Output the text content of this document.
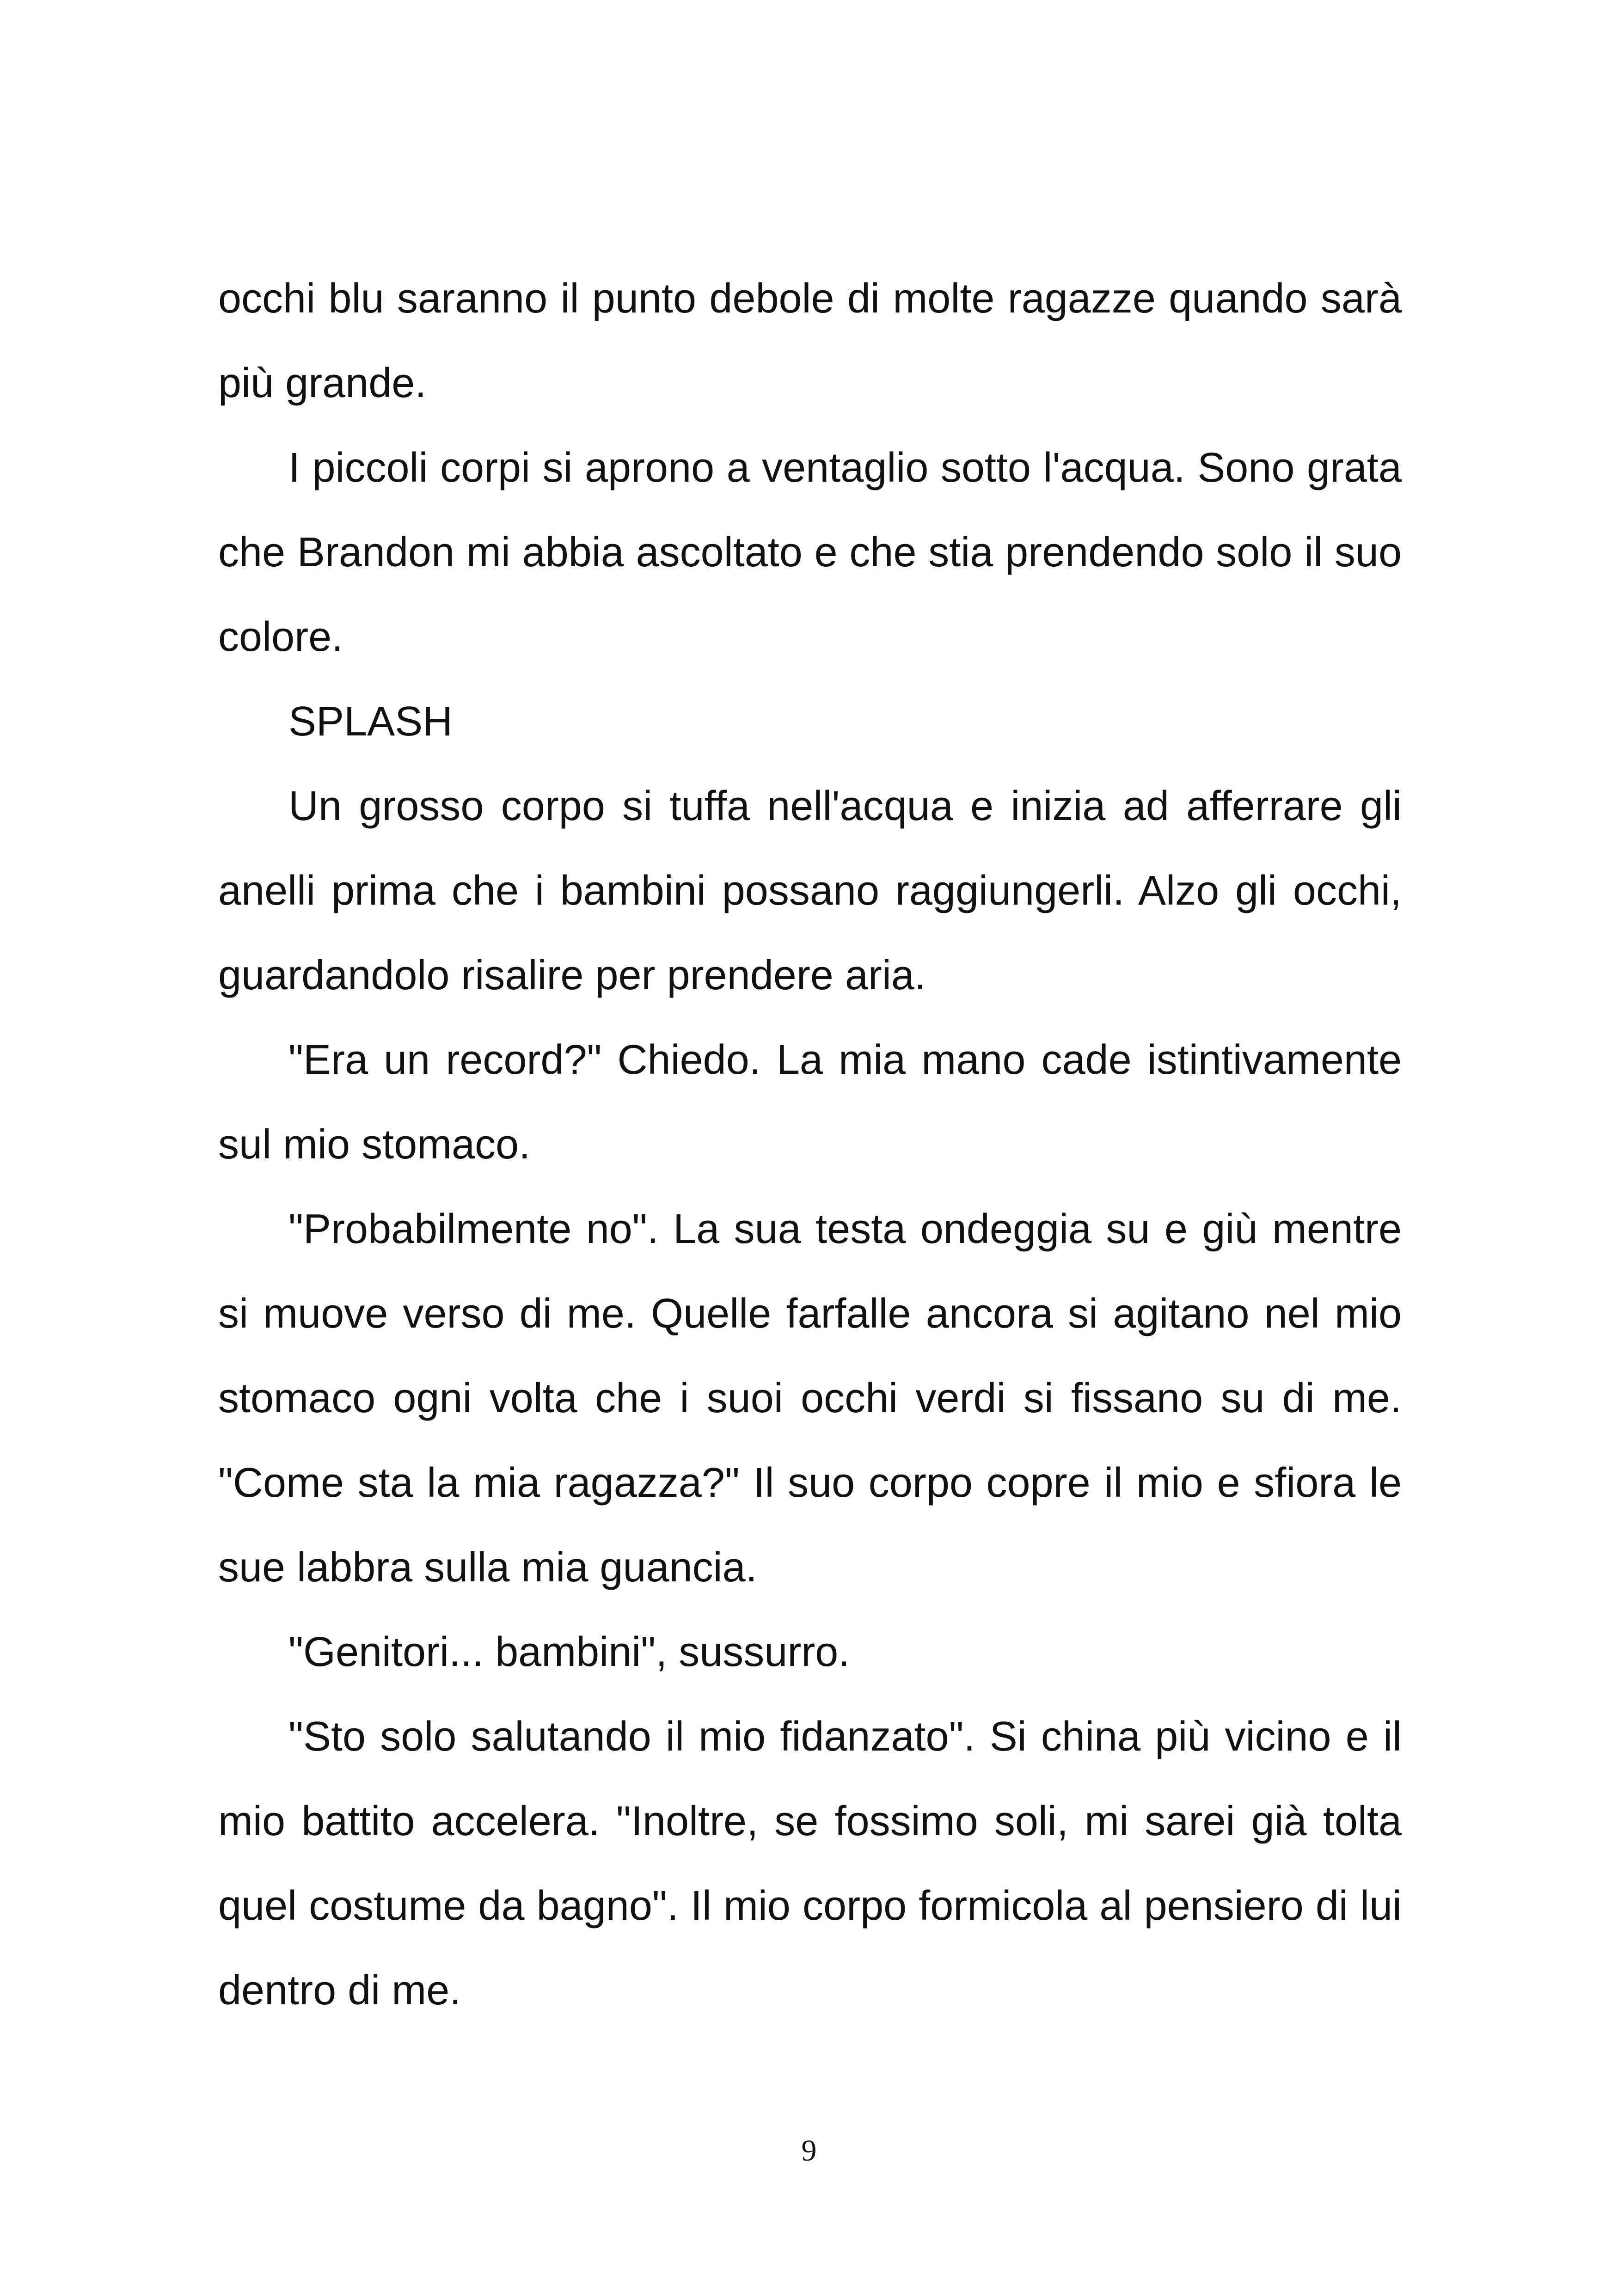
occhi blu saranno il punto debole di molte ragazze quando sarà più grande.

I piccoli corpi si aprono a ventaglio sotto l'acqua. Sono grata che Brandon mi abbia ascoltato e che stia prendendo solo il suo colore.

SPLASH

Un grosso corpo si tuffa nell'acqua e inizia ad afferrare gli anelli prima che i bambini possano raggiungerli. Alzo gli occhi, guardandolo risalire per prendere aria.

"Era un record?" Chiedo. La mia mano cade istintivamente sul mio stomaco.

"Probabilmente no". La sua testa ondeggia su e giù mentre si muove verso di me. Quelle farfalle ancora si agitano nel mio stomaco ogni volta che i suoi occhi verdi si fissano su di me. "Come sta la mia ragazza?" Il suo corpo copre il mio e sfiora le sue labbra sulla mia guancia.

"Genitori... bambini", sussurro.

"Sto solo salutando il mio fidanzato". Si china più vicino e il mio battito accelera. "Inoltre, se fossimo soli, mi sarei già tolta quel costume da bagno". Il mio corpo formicola al pensiero di lui dentro di me.

9
